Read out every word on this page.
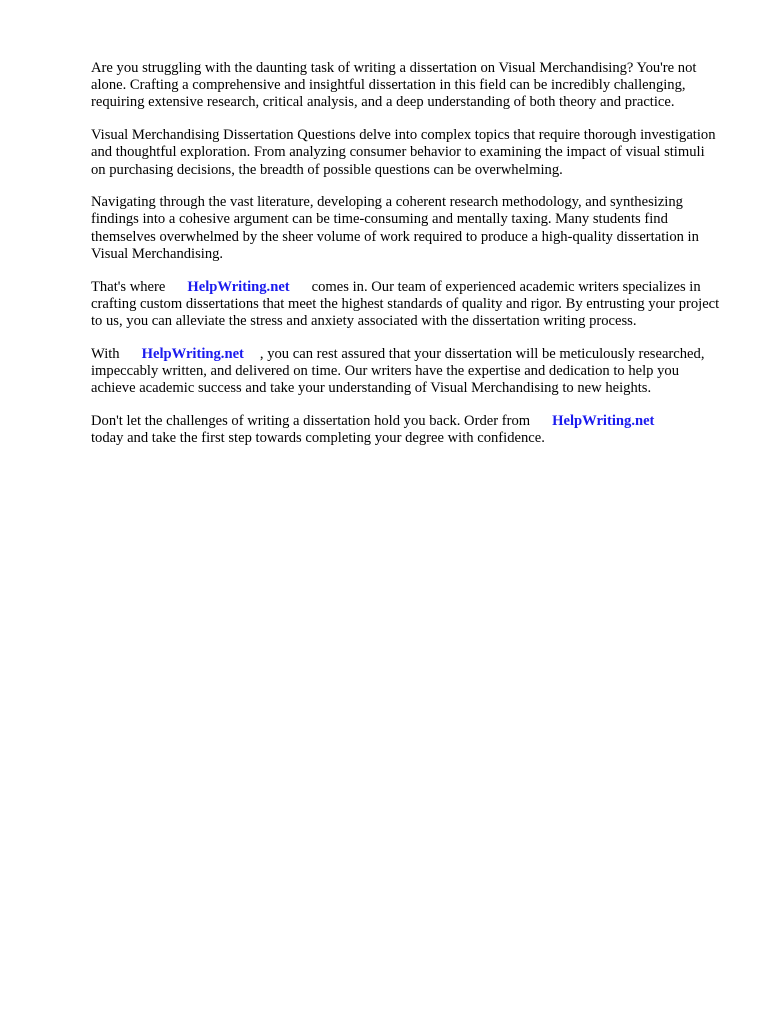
Are you struggling with the daunting task of writing a dissertation on Visual Merchandising? You're not alone. Crafting a comprehensive and insightful dissertation in this field can be incredibly challenging, requiring extensive research, critical analysis, and a deep understanding of both theory and practice.

Visual Merchandising Dissertation Questions delve into complex topics that require thorough investigation and thoughtful exploration. From analyzing consumer behavior to examining the impact of visual stimuli on purchasing decisions, the breadth of possible questions can be overwhelming.

Navigating through the vast literature, developing a coherent research methodology, and synthesizing findings into a cohesive argument can be time-consuming and mentally taxing. Many students find themselves overwhelmed by the sheer volume of work required to produce a high-quality dissertation in Visual Merchandising.

That's where HelpWriting.net comes in. Our team of experienced academic writers specializes in crafting custom dissertations that meet the highest standards of quality and rigor. By entrusting your project to us, you can alleviate the stress and anxiety associated with the dissertation writing process.

With HelpWriting.net , you can rest assured that your dissertation will be meticulously researched, impeccably written, and delivered on time. Our writers have the expertise and dedication to help you achieve academic success and take your understanding of Visual Merchandising to new heights.

Don't let the challenges of writing a dissertation hold you back. Order from HelpWriting.net
today and take the first step towards completing your degree with confidence.
